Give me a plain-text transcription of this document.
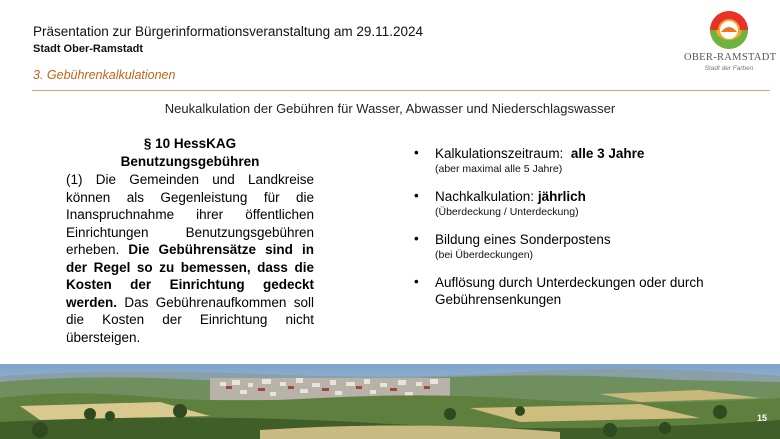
Präsentation zur Bürgerinformationsveranstaltung am 29.11.2024
Stadt Ober-Ramstadt
3. Gebührenkalkulationen
OBER-RAMSTADT
Stadt der Farben
Neukalkulation der Gebühren für Wasser, Abwasser und Niederschlagswasser
§ 10 HessKAG
Benutzungsgebühren
(1) Die Gemeinden und Landkreise können als Gegenleistung für die Inanspruchnahme ihrer öffentlichen Einrichtungen Benutzungsgebühren erheben. Die Gebührensätze sind in der Regel so zu bemessen, dass die Kosten der Einrichtung gedeckt werden. Das Gebührenaufkommen soll die Kosten der Einrichtung nicht übersteigen.
• Kalkulationszeitraum: alle 3 Jahre
(aber maximal alle 5 Jahre)
• Nachkalkulation: jährlich
(Überdeckung / Unterdeckung)
• Bildung eines Sonderpostens
(bei Überdeckungen)
• Auflösung durch Unterdeckungen oder durch Gebührensenkungen
15
